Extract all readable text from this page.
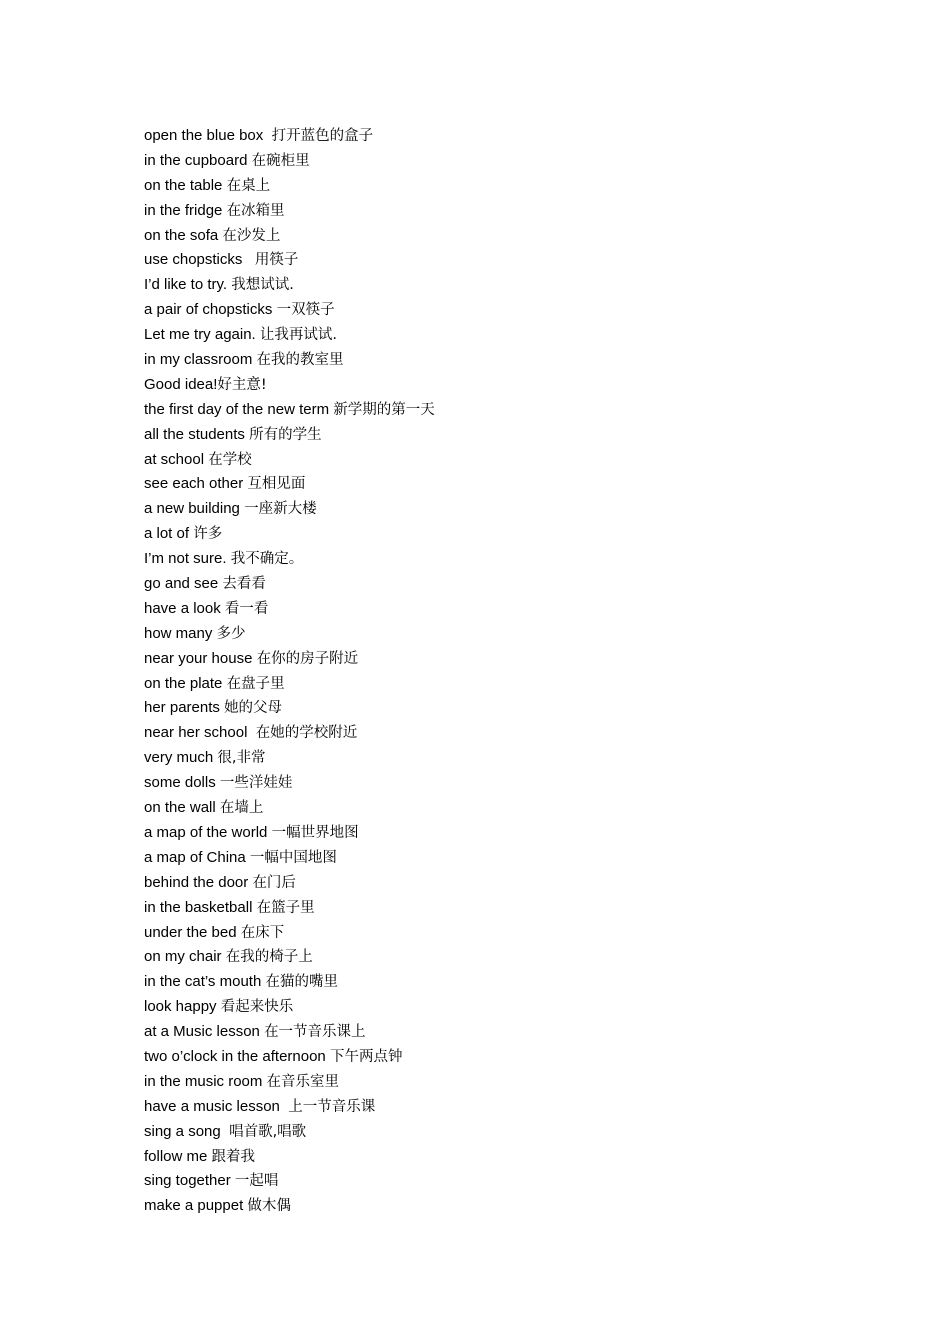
open the blue box 打开蓝色的盒子
in the cupboard 在碗柜里
on the table 在桌上
in the fridge 在冰箱里
on the sofa 在沙发上
use chopsticks 用筷子
I’d like to try. 我想试试.
a pair of chopsticks 一双筷子
Let me try again. 让我再试试.
in my classroom 在我的教室里
Good idea!好主意!
the first day of the new term 新学期的第一天
all the students 所有的学生
at school 在学校
see each other 互相见面
a new building 一座新大楼
a lot of 许多
I’m not sure. 我不确定。
go and see 去看看
have a look 看一看
how many 多少
near your house 在你的房子附近
on the plate 在盘子里
her parents 她的父母
near her school 在她的学校附近
very much 很,非常
some dolls 一些洋娃娃
on the wall 在墙上
a map of the world 一幅世界地图
a map of China 一幅中国地图
behind the door 在门后
in the basketball 在篮子里
under the bed 在床下
on my chair 在我的椅子上
in the cat’s mouth 在猫的嘴里
look happy 看起来快乐
at a Music lesson 在一节音乐课上
two o’clock in the afternoon 下午两点钟
in the music room 在音乐室里
have a music lesson 上一节音乐课
sing a song 唱首歌,唱歌
follow me 跟着我
sing together 一起唱
make a puppet 做木偶
